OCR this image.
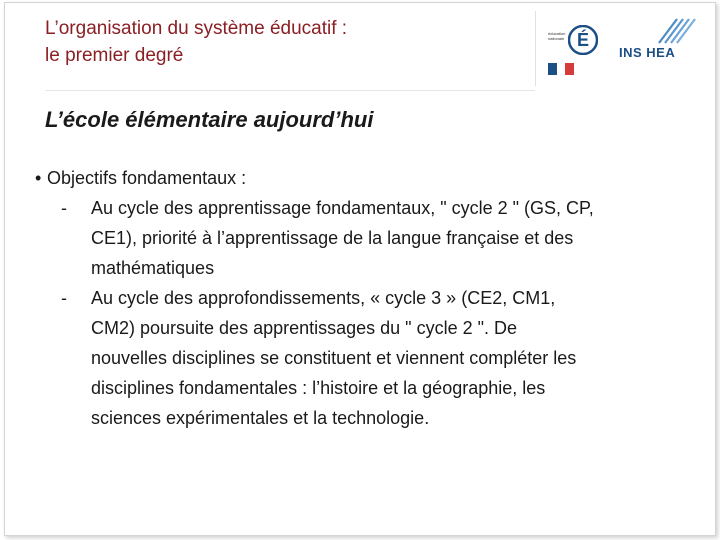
L’organisation du système éducatif :
le premier degré
éducation nationale É
INS HEA
L’école élémentaire aujourd’hui
• Objectifs fondamentaux :
-	Au cycle des apprentissage fondamentaux, " cycle 2 " (GS, CP,
CE1), priorité à l’apprentissage de la langue française et des
mathématiques
-	Au cycle des approfondissements, « cycle 3 » (CE2, CM1,
CM2) poursuite des apprentissages du " cycle 2 ". De
nouvelles disciplines se constituent et viennent compléter les
disciplines fondamentales : l’histoire et la géographie, les
sciences expérimentales et la technologie.
